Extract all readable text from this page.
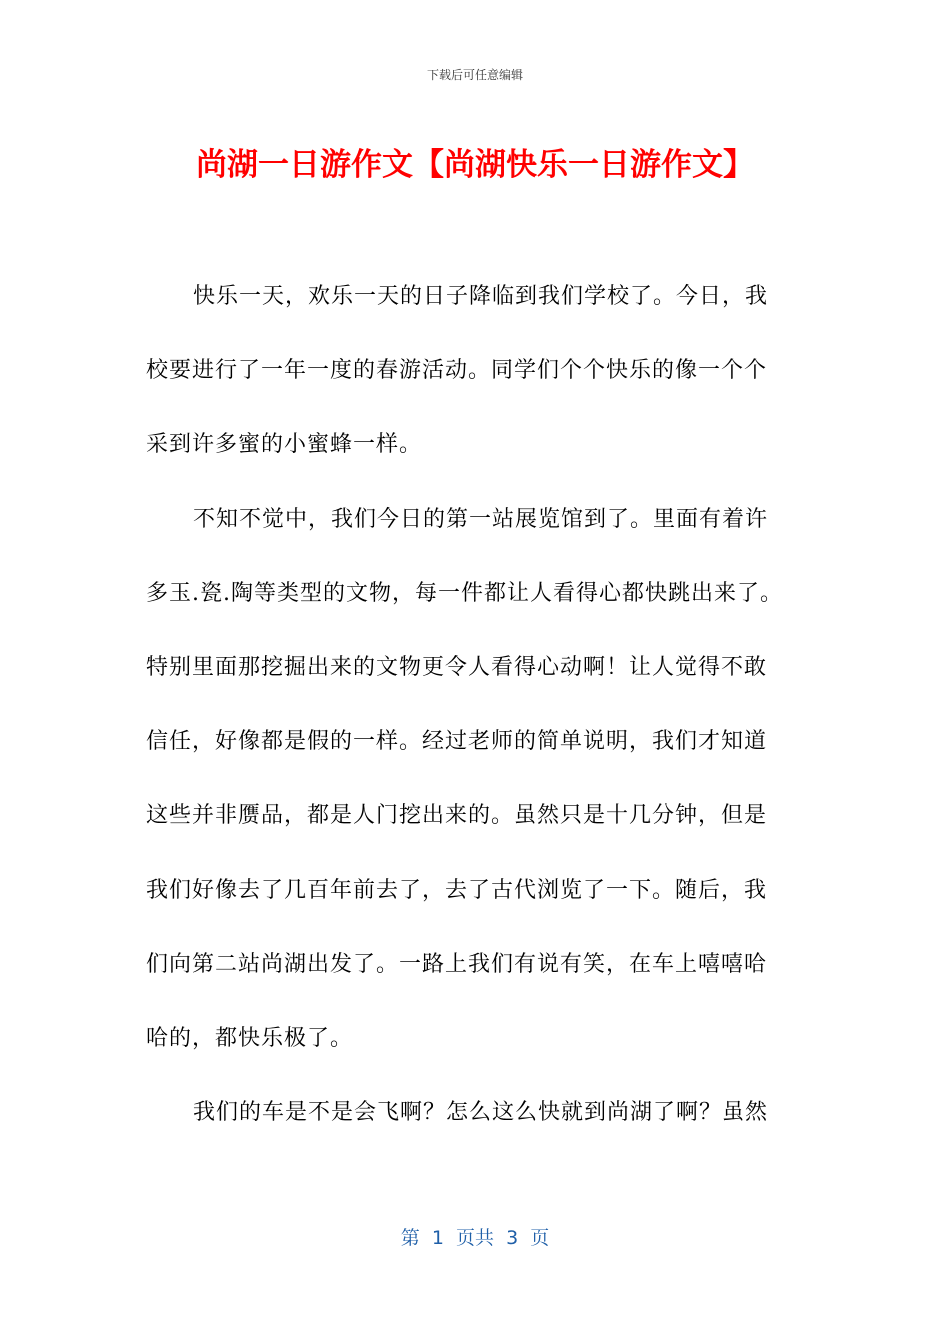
下载后可任意编辑
尚湖一日游作文【尚湖快乐一日游作文】
快乐一天，欢乐一天的日子降临到我们学校了。今日，我
校要进行了一年一度的春游活动。同学们个个快乐的像一个个
采到许多蜜的小蜜蜂一样。
不知不觉中，我们今日的第一站展览馆到了。里面有着许
多玉.瓷.陶等类型的文物，每一件都让人看得心都快跳出来了。
特别里面那挖掘出来的文物更令人看得心动啊！让人觉得不敢
信任，好像都是假的一样。经过老师的简单说明，我们才知道
这些并非赝品，都是人门挖出来的。虽然只是十几分钟，但是
我们好像去了几百年前去了，去了古代浏览了一下。随后，我
们向第二站尚湖出发了。一路上我们有说有笑，在车上嘻嘻哈
哈的，都快乐极了。
我们的车是不是会飞啊？怎么这么快就到尚湖了啊？虽然
第  1  页共  3  页
